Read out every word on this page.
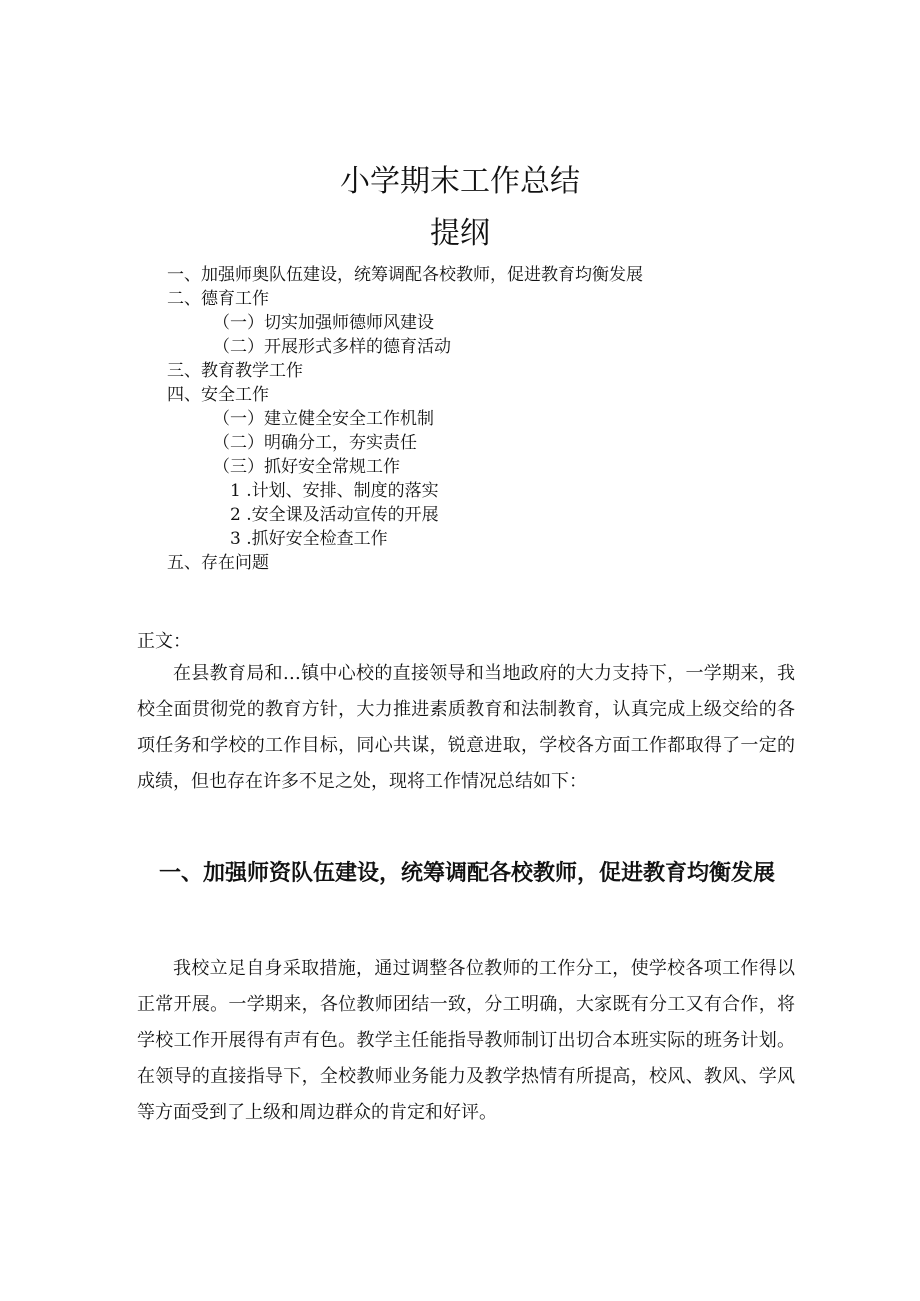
小学期末工作总结
提纲
一、加强师奥队伍建设，统筹调配各校教师，促进教育均衡发展
二、德育工作
（一）切实加强师德师风建设
（二）开展形式多样的德育活动
三、教育教学工作
四、安全工作
（一）建立健全安全工作机制
（二）明确分工，夯实责任
（三）抓好安全常规工作
1 .计划、安排、制度的落实
2 .安全课及活动宣传的开展
3 .抓好安全检查工作
五、存在问题

正文：

在县教育局和…镇中心校的直接领导和当地政府的大力支持下，一学期来，我校全面贯彻党的教育方针，大力推进素质教育和法制教育，认真完成上级交给的各项任务和学校的工作目标，同心共谋，锐意进取，学校各方面工作都取得了一定的成绩，但也存在许多不足之处，现将工作情况总结如下：

一、加强师资队伍建设，统筹调配各校教师，促进教育均衡发展

我校立足自身采取措施，通过调整各位教师的工作分工，使学校各项工作得以正常开展。一学期来，各位教师团结一致，分工明确，大家既有分工又有合作，将学校工作开展得有声有色。教学主任能指导教师制订出切合本班实际的班务计划。在领导的直接指导下，全校教师业务能力及教学热情有所提高，校风、教风、学风等方面受到了上级和周边群众的肯定和好评。
